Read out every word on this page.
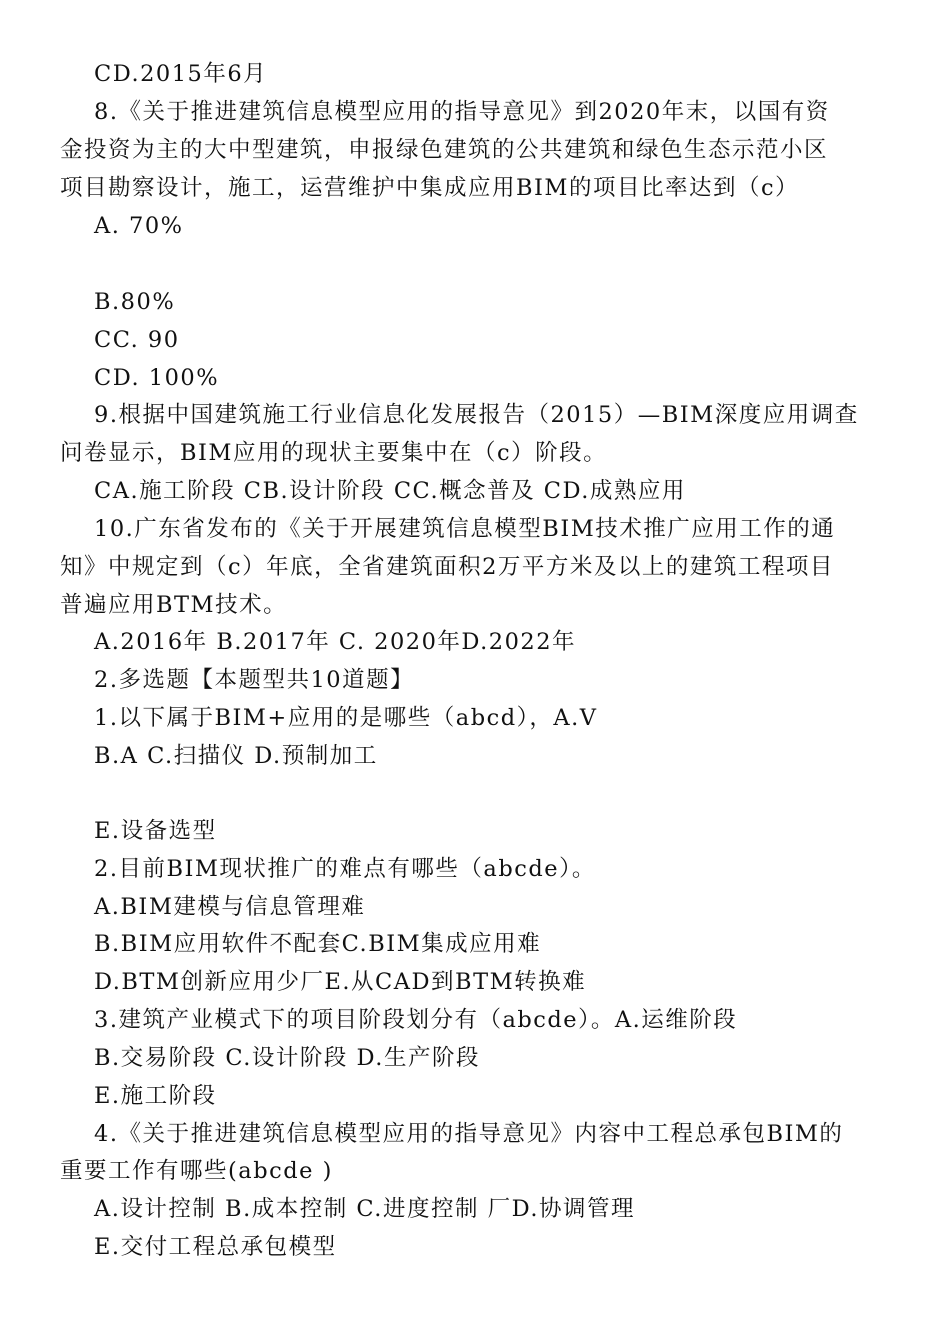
CD.2015年6月
8.《关于推进建筑信息模型应用的指导意见》到2020年末，以国有资
金投资为主的大中型建筑，申报绿色建筑的公共建筑和绿色生态示范小区
项目勘察设计，施工，运营维护中集成应用BIM的项目比率达到（c）
A. 70%
B.80%
CC. 90
CD. 100%
9.根据中国建筑施工行业信息化发展报告（2015）—BIM深度应用调查
问卷显示，BIM应用的现状主要集中在（c）阶段。
CA.施工阶段 CB.设计阶段 CC.概念普及 CD.成熟应用
10.广东省发布的《关于开展建筑信息模型BIM技术推广应用工作的通
知》中规定到（c）年底，全省建筑面积2万平方米及以上的建筑工程项目
普遍应用BTM技术。
A.2016年 B.2017年 C. 2020年D.2022年
2.多选题【本题型共10道题】
1.以下属于BIM+应用的是哪些（abcd），A.V
B.A C.扫描仪 D.预制加工
E.设备选型
2.目前BIM现状推广的难点有哪些（abcde）。
A.BIM建模与信息管理难
B.BIM应用软件不配套C.BIM集成应用难
D.BTM创新应用少厂E.从CAD到BTM转换难
3.建筑产业模式下的项目阶段划分有（abcde）。A.运维阶段
B.交易阶段 C.设计阶段 D.生产阶段
E.施工阶段
4.《关于推进建筑信息模型应用的指导意见》内容中工程总承包BIM的
重要工作有哪些(abcde )
A.设计控制 B.成本控制 C.进度控制 厂D.协调管理
E.交付工程总承包模型
